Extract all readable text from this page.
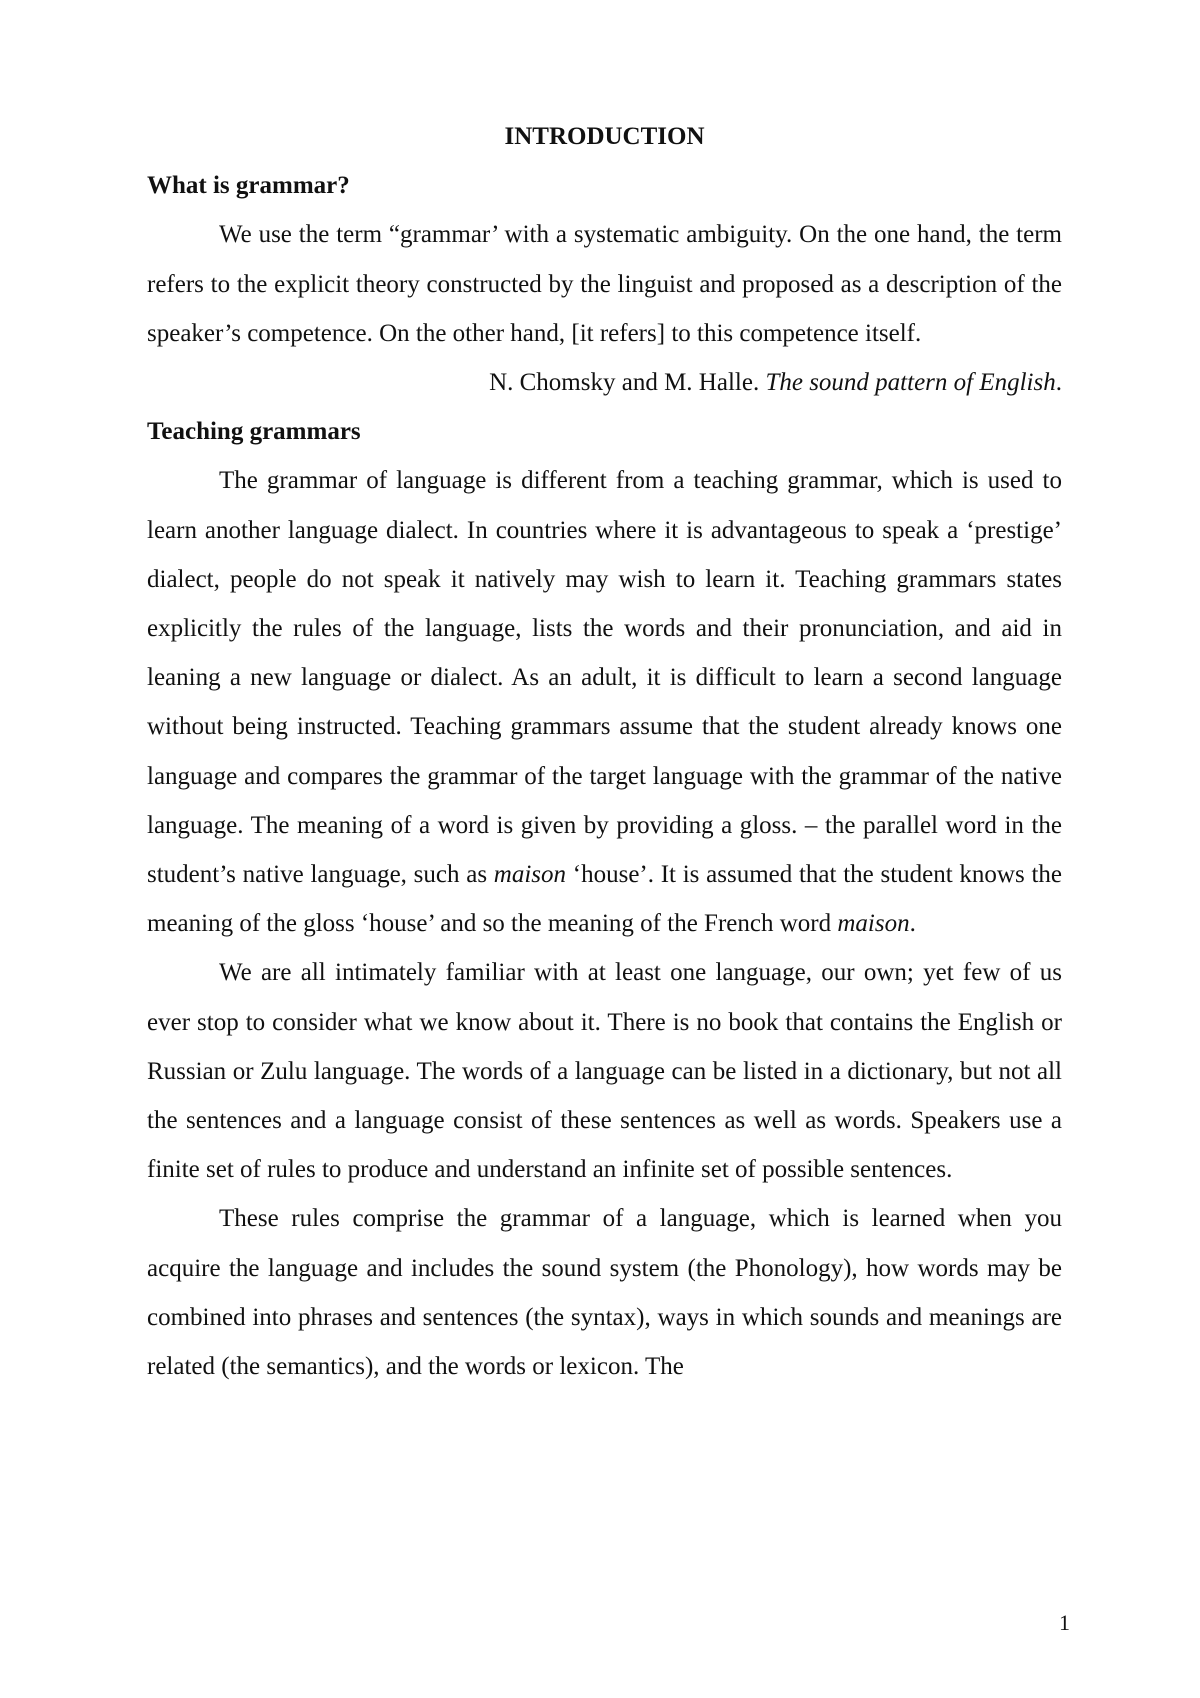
INTRODUCTION

What is grammar?

We use the term “grammar’ with a systematic ambiguity. On the one hand, the term refers to the explicit theory constructed by the linguist and proposed as a description of the speaker’s competence. On the other hand, [it refers] to this competence itself.

N. Chomsky and M. Halle. The sound pattern of English.

Teaching grammars

The grammar of language is different from a teaching grammar, which is used to learn another language dialect. In countries where it is advantageous to speak a ‘prestige’ dialect, people do not speak it natively may wish to learn it. Teaching grammars states explicitly the rules of the language, lists the words and their pronunciation, and aid in leaning a new language or dialect. As an adult, it is difficult to learn a second language without being instructed. Teaching grammars assume that the student already knows one language and compares the grammar of the target language with the grammar of the native language. The meaning of a word is given by providing a gloss. – the parallel word in the student’s native language, such as maison ‘house’. It is assumed that the student knows the meaning of the gloss ‘house’ and so the meaning of the French word maison.

We are all intimately familiar with at least one language, our own; yet few of us ever stop to consider what we know about it. There is no book that contains the English or Russian or Zulu language. The words of a language can be listed in a dictionary, but not all the sentences and a language consist of these sentences as well as words. Speakers use a finite set of rules to produce and understand an infinite set of possible sentences.

These rules comprise the grammar of a language, which is learned when you acquire the language and includes the sound system (the Phonology), how words may be combined into phrases and sentences (the syntax), ways in which sounds and meanings are related (the semantics), and the words or lexicon. The

1
